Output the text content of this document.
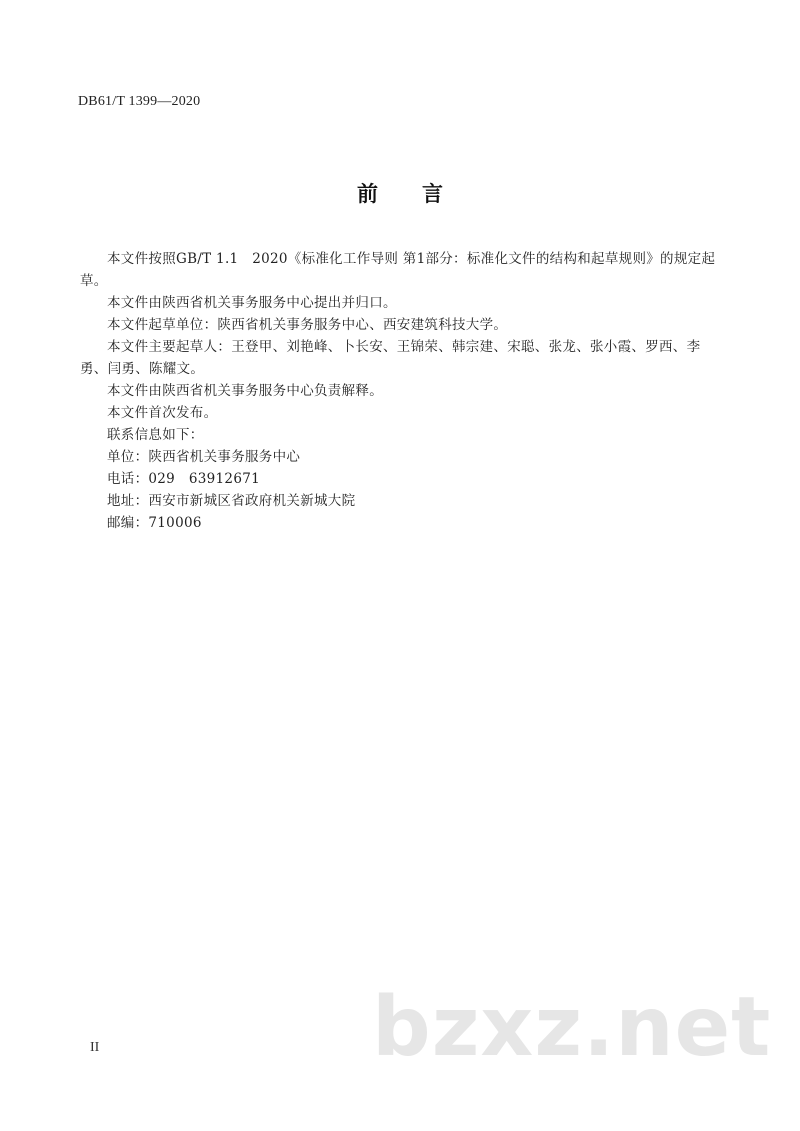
DB61/T 1399—2020
前言

本文件按照GB/T 1.1　2020《标准化工作导则 第1部分：标准化文件的结构和起草规则》的规定起草。

本文件由陕西省机关事务服务中心提出并归口。

本文件起草单位：陕西省机关事务服务中心、西安建筑科技大学。

本文件主要起草人：王登甲、刘艳峰、卜长安、王锦荣、韩宗建、宋聪、张龙、张小霞、罗西、李勇、闫勇、陈耀文。

本文件由陕西省机关事务服务中心负责解释。

本文件首次发布。

联系信息如下：

单位：陕西省机关事务服务中心

电话：029　63912671

地址：西安市新城区省政府机关新城大院

邮编：710006

II	bzxz.net
